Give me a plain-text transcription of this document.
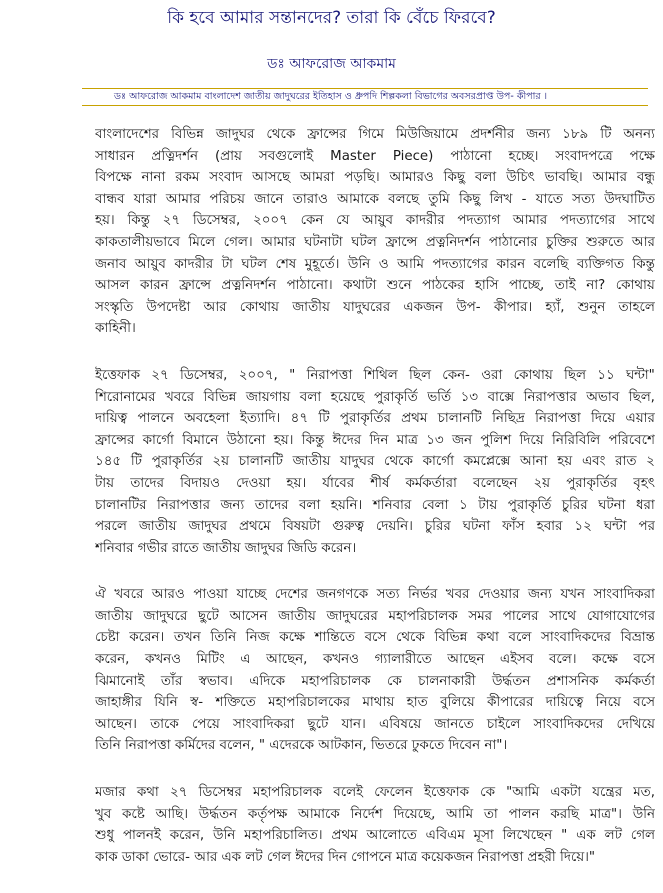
কি হবে আমার সন্তানদের? তারা কি বেঁচে ফিরবে?
ডঃ আফরোজ আকমাম
ডঃ আফরোজ আকমাম বাংলাদেশ জাতীয় জাদুঘরের ইতিহাস ও ধ্রুপদি শিল্পকলা বিভাগের অবসরপ্রাপ্ত উপ- কীপার ।
বাংলাদেশের বিভিন্ন জাদুঘর থেকে ফ্রান্সের গিমে মিউজিয়ামে প্রদর্শনীর জন্য ১৮৯ টি অনন্য
সাধারন প্রত্নিদর্শন (প্রায় সবগুলোই Master Piece) পাঠানো হচ্ছে। সংবাদপত্রে পক্ষে
বিপক্ষে নানা রকম সংবাদ আসছে আমরা পড়ছি। আমারও কিছু বলা উচিৎ ভাবছি। আমার বন্ধু
বান্ধব যারা আমার পরিচয় জানে তারাও আমাকে বলছে তুমি কিছু লিখ - যাতে সত্য উদঘাটিত
হয়। কিন্তু ২৭ ডিসেম্বর, ২০০৭ কেন যে আয়ুব কাদরীর পদত্যাগ আমার পদত্যাগের সাথে
কাকতালীয়ভাবে মিলে গেল। আমার ঘটনাটা ঘটল ফ্রান্সে প্রত্ননিদর্শন পাঠানোর চুক্তির শুরুতে আর
জনাব আয়ুব কাদরীর টা ঘটল শেষ মুহূর্তে। উনি ও আমি পদত্যাগের কারন বলেছি ব্যক্তিগত কিন্তু
আসল কারন ফ্রান্সে প্রত্ননিদর্শন পাঠানো। কথাটা শুনে পাঠকের হাসি পাচ্ছে, তাই না? কোথায়
সংস্কৃতি উপদেষ্টা আর কোথায় জাতীয় যাদুঘরের একজন উপ- কীপার। হ্যাঁ, শুনুন তাহলে
কাহিনী।
ইত্তেফাক ২৭ ডিসেম্বর, ২০০৭, " নিরাপত্তা শিথিল ছিল কেন- ওরা কোথায় ছিল ১১ ঘন্টা"
শিরোনামের খবরে বিভিন্ন জায়গায় বলা হয়েছে পুরাকৃর্তি ভর্তি ১৩ বাক্সে নিরাপত্তার অভাব ছিল,
দায়িত্ব পালনে অবহেলা ইত্যাদি। ৪৭ টি পুরাকৃর্তির প্রথম চালানটি নিছিদ্র নিরাপত্তা দিয়ে এয়ার
ফ্রান্সের কার্গো বিমানে উঠানো হয়। কিন্তু ঈদের দিন মাত্র ১৩ জন পুলিশ দিয়ে নিরিবিলি পরিবেশে
১৪৫ টি পুরাকৃর্তির ২য় চালানটি জাতীয় যাদুঘর থেকে কার্গো কমপ্লেক্সে আনা হয় এবং রাত ২
টায় তাদের বিদায়ও দেওয়া হয়। র্যাবের শীর্ষ কর্মকর্তারা বলেছেন ২য় পুরাকৃর্তির বৃহৎ
চালানটির নিরাপত্তার জন্য তাদের বলা হয়নি। শনিবার বেলা ১ টায় পুরাকৃর্তি চুরির ঘটনা ধরা
পরলে জাতীয় জাদুঘর প্রথমে বিষয়টা গুরুত্ব দেয়নি। চুরির ঘটনা ফাঁস হবার ১২ ঘন্টা পর
শনিবার গভীর রাতে জাতীয় জাদুঘর জিডি করেন।
ঐ খবরে আরও পাওয়া যাচ্ছে দেশের জনগণকে সত্য নির্ভর খবর দেওয়ার জন্য যখন সাংবাদিকরা
জাতীয় জাদুঘরে ছুটে আসেন জাতীয় জাদুঘরের মহাপরিচালক সমর পালের সাথে যোগাযোগের
চেষ্টা করেন। তখন তিনি নিজ কক্ষে শান্তিতে বসে থেকে বিভিন্ন কথা বলে সাংবাদিকদের বিভ্রান্ত
করেন, কখনও মিটিং এ আছেন, কখনও গ্যালারীতে আছেন এইসব বলে। কক্ষে বসে
ঝিমানোই তাঁর স্বভাব। এদিকে মহাপরিচালক কে চালনাকারী উর্দ্ধতন প্রশাসনিক কর্মকর্তা
জাহাঙ্গীর যিনি স্ব- শক্তিতে মহাপরিচালকের মাথায় হাত বুলিয়ে কীপারের দায়িত্বে নিয়ে বসে
আছেন। তাকে পেয়ে সাংবাদিকরা ছুটে যান। এবিষয়ে জানতে চাইলে সাংবাদিকদের দেখিয়ে
তিনি নিরাপত্তা কর্মিদের বলেন, " এদেরকে আটকান, ভিতরে ঢুকতে দিবেন না"।
মজার কথা ২৭ ডিসেম্বর মহাপরিচালক বলেই ফেলেন ইত্তেফাক কে "আমি একটা যন্ত্রের মত,
খুব কষ্টে আছি। উর্দ্ধতন কর্তৃপক্ষ আমাকে নির্দেশ দিয়েছে, আমি তা পালন করছি মাত্র"। উনি
শুধু পালনই করেন, উনি মহাপরিচালিত। প্রথম আলোতে এবিএম মূসা লিখেছেন " এক লট গেল
কাক ডাকা ভোরে- আর এক লট গেল ঈদের দিন গোপনে মাত্র কয়েকজন নিরাপত্তা প্রহরী দিয়ে।"
